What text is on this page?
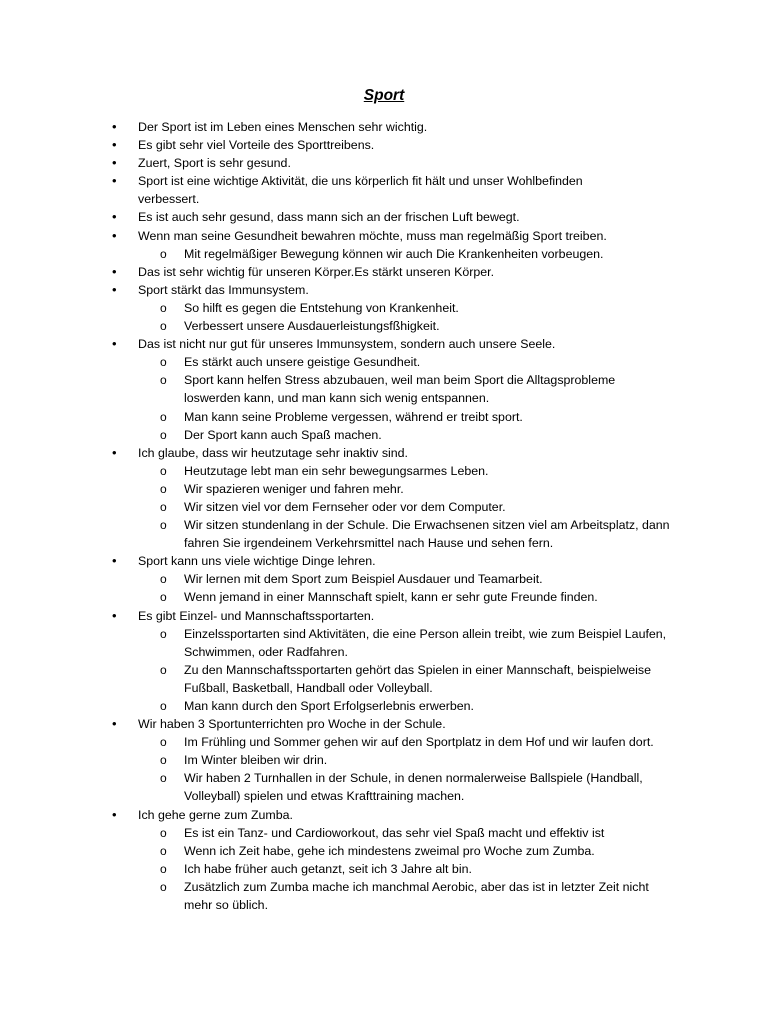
Sport
• Der Sport ist im Leben eines Menschen sehr wichtig.
• Es gibt sehr viel Vorteile des Sporttreibens.
• Zuert, Sport is sehr gesund.
• Sport ist eine wichtige Aktivität, die uns körperlich fit hält und unser Wohlbefinden verbessert.
• Es ist auch sehr gesund, dass mann sich an der frischen Luft bewegt.
• Wenn man seine Gesundheit bewahren möchte, muss man regelmäßig Sport treiben.
o Mit regelmäßiger Bewegung können wir auch Die Krankenheiten vorbeugen.
• Das ist sehr wichtig für unseren Körper.Es stärkt unseren Körper.
• Sport stärkt das Immunsystem.
o So hilft es gegen die Entstehung von Krankenheit.
o Verbessert unsere Ausdauerleistungsfßhigkeit.
• Das ist nicht nur gut für unseres Immunsystem, sondern auch unsere Seele.
o Es stärkt auch unsere geistige Gesundheit.
o Sport kann helfen Stress abzubauen, weil man beim Sport die Alltagsprobleme loswerden kann, und man kann sich wenig entspannen.
o Man kann seine Probleme vergessen, während er treibt sport.
o Der Sport kann auch Spaß machen.
• Ich glaube, dass wir heutzutage sehr inaktiv sind.
o Heutzutage lebt man ein sehr bewegungsarmes Leben.
o Wir spazieren weniger und fahren mehr.
o Wir sitzen viel vor dem Fernseher oder vor dem Computer.
o Wir sitzen stundenlang in der Schule. Die Erwachsenen sitzen viel am Arbeitsplatz, dann fahren Sie irgendeinem Verkehrsmittel nach Hause und sehen fern.
• Sport kann uns viele wichtige Dinge lehren.
o Wir lernen mit dem Sport zum Beispiel Ausdauer und Teamarbeit.
o Wenn jemand in einer Mannschaft spielt, kann er sehr gute Freunde finden.
• Es gibt Einzel- und Mannschaftssportarten.
o Einzelssportarten sind Aktivitäten, die eine Person allein treibt, wie zum Beispiel Laufen, Schwimmen, oder Radfahren.
o Zu den Mannschaftssportarten gehört das Spielen in einer Mannschaft, beispielweise Fußball, Basketball, Handball oder Volleyball.
o Man kann durch den Sport Erfolgserlebnis erwerben.
• Wir haben 3 Sportunterrichten pro Woche in der Schule.
o Im Frühling und Sommer gehen wir auf den Sportplatz in dem Hof und wir laufen dort.
o Im Winter bleiben wir drin.
o Wir haben 2 Turnhallen in der Schule, in denen normalerweise Ballspiele (Handball, Volleyball) spielen und etwas Krafttraining machen.
• Ich gehe gerne zum Zumba.
o Es ist ein Tanz- und Cardioworkout, das sehr viel Spaß macht und effektiv ist
o Wenn ich Zeit habe, gehe ich mindestens zweimal pro Woche zum Zumba.
o Ich habe früher auch getanzt, seit ich 3 Jahre alt bin.
o Zusätzlich zum Zumba mache ich manchmal Aerobic, aber das ist in letzter Zeit nicht mehr so üblich.
